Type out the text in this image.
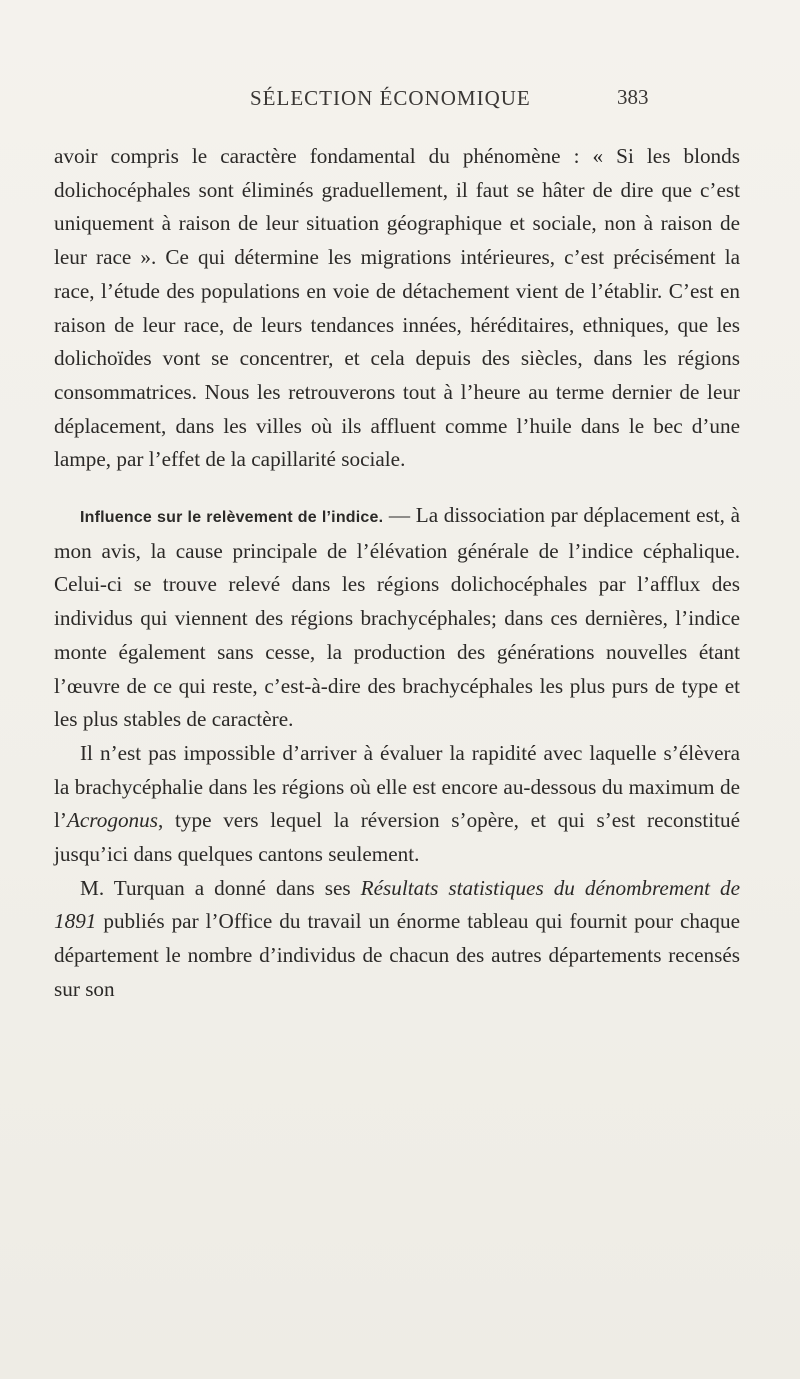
SÉLECTION ÉCONOMIQUE	383

avoir compris le caractère fondamental du phénomène : « Si les blonds dolichocéphales sont éliminés graduellement, il faut se hâter de dire que c’est uniquement à raison de leur situation géographique et sociale, non à raison de leur race ». Ce qui détermine les migrations intérieures, c’est précisément la race, l’étude des populations en voie de détachement vient de l’établir. C’est en raison de leur race, de leurs tendances innées, héréditaires, ethniques, que les dolichoïdes vont se concentrer, et cela depuis des siècles, dans les régions consommatrices. Nous les retrouverons tout à l’heure au terme dernier de leur déplacement, dans les villes où ils affluent comme l’huile dans le bec d’une lampe, par l’effet de la capillarité sociale.

Influence sur le relèvement de l’indice. — La dissociation par déplacement est, à mon avis, la cause principale de l’élévation générale de l’indice céphalique. Celui-ci se trouve relevé dans les régions dolichocéphales par l’afflux des individus qui viennent des régions brachycéphales; dans ces dernières, l’indice monte également sans cesse, la production des générations nouvelles étant l’œuvre de ce qui reste, c’est-à-dire des brachycéphales les plus purs de type et les plus stables de caractère.

Il n’est pas impossible d’arriver à évaluer la rapidité avec laquelle s’élèvera la brachycéphalie dans les régions où elle est encore au-dessous du maximum de l’Acrogonus, type vers lequel la réversion s’opère, et qui s’est reconstitué jusqu’ici dans quelques cantons seulement.

M. Turquan a donné dans ses Résultats statistiques du dénombrement de 1891 publiés par l’Office du travail un énorme tableau qui fournit pour chaque département le nombre d’individus de chacun des autres départements recensés sur son
